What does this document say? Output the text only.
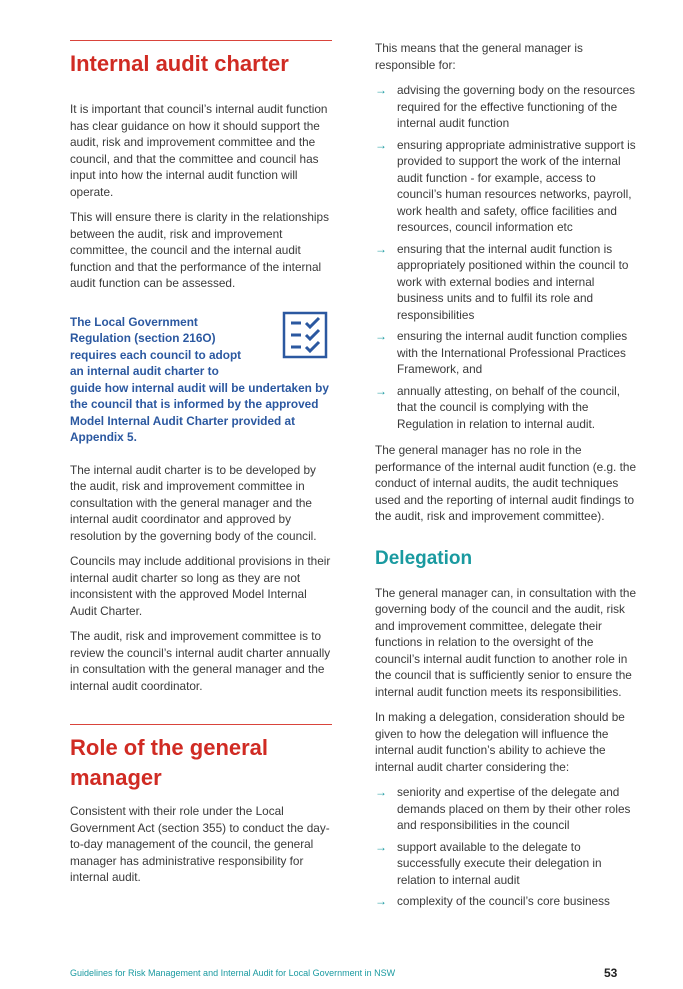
Internal audit charter

It is important that council’s internal audit function has clear guidance on how it should support the audit, risk and improvement committee and the council, and that the committee and council has input into how the internal audit function will operate.

This will ensure there is clarity in the relationships between the audit, risk and improvement committee, the council and the internal audit function and that the performance of the internal audit function can be assessed.

The Local Government
Regulation (section 216O)
requires each council to adopt
an internal audit charter to
guide how internal audit will be undertaken by the council that is informed by the approved Model Internal Audit Charter provided at Appendix 5.

The internal audit charter is to be developed by the audit, risk and improvement committee in consultation with the general manager and the internal audit coordinator and approved by resolution by the governing body of the council.

Councils may include additional provisions in their internal audit charter so long as they are not inconsistent with the approved Model Internal Audit Charter.

The audit, risk and improvement committee is to review the council’s internal audit charter annually in consultation with the general manager and the internal audit coordinator.

Role of the general manager

Consistent with their role under the Local Government Act (section 355) to conduct the day-to-day management of the council, the general manager has administrative responsibility for internal audit.

This means that the general manager is responsible for:

→ advising the governing body on the resources required for the effective functioning of the internal audit function
→ ensuring appropriate administrative support is provided to support the work of the internal audit function - for example, access to council’s human resources networks, payroll, work health and safety, office facilities and resources, council information etc
→ ensuring that the internal audit function is appropriately positioned within the council to work with external bodies and internal business units and to fulfil its role and responsibilities
→ ensuring the internal audit function complies with the International Professional Practices Framework, and
→ annually attesting, on behalf of the council, that the council is complying with the Regulation in relation to internal audit.

The general manager has no role in the performance of the internal audit function (e.g. the conduct of internal audits, the audit techniques used and the reporting of internal audit findings to the audit, risk and improvement committee).

Delegation

The general manager can, in consultation with the governing body of the council and the audit, risk and improvement committee, delegate their functions in relation to the oversight of the council’s internal audit function to another role in the council that is sufficiently senior to ensure the internal audit function meets its responsibilities.

In making a delegation, consideration should be given to how the delegation will influence the internal audit function’s ability to achieve the internal audit charter considering the:

→ seniority and expertise of the delegate and demands placed on them by their other roles and responsibilities in the council
→ support available to the delegate to successfully execute their delegation in relation to internal audit
→ complexity of the council’s core business
Guidelines for Risk Management and Internal Audit for Local Government in NSW	53
